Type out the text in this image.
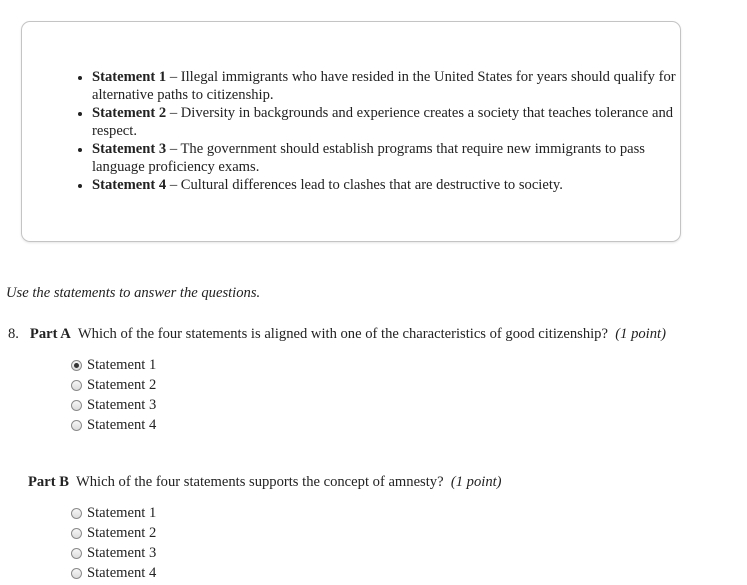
• Statement 1 – Illegal immigrants who have resided in the United States for years should qualify for alternative paths to citizenship.
• Statement 2 – Diversity in backgrounds and experience creates a society that teaches tolerance and respect.
• Statement 3 – The government should establish programs that require new immigrants to pass language proficiency exams.
• Statement 4 – Cultural differences lead to clashes that are destructive to society.

Use the statements to answer the questions.

8. Part A Which of the four statements is aligned with one of the characteristics of good citizenship? (1 point)

Statement 1
Statement 2
Statement 3
Statement 4

Part B Which of the four statements supports the concept of amnesty? (1 point)

Statement 1
Statement 2
Statement 3
Statement 4
